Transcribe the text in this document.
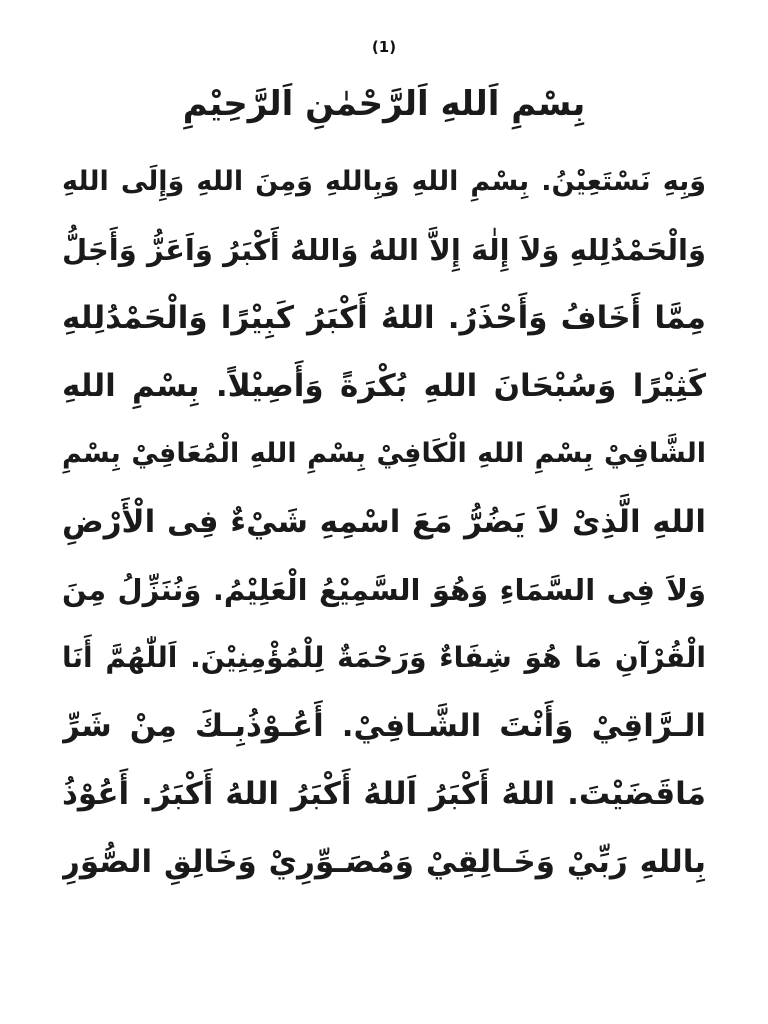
(1)
بِسْمِ اَللهِ اَلرَّحْمٰنِ اَلرَّحِيْمِ
وَبِهِ نَسْتَعِيْنُ. بِسْمِ اللهِ وَبِاللهِ وَمِنَ اللهِ وَإِلَى اللهِ
وَالْحَمْدُلِلهِ وَلاَ إِلٰهَ إِلاَّ اللهُ وَاللهُ أَكْبَرُ وَاَعَزُّ وَأَجَلُّ
مِمَّا أَخَافُ وَأَحْذَرُ. اللهُ أَكْبَرُ كَبِيْرًا وَالْحَمْدُلِلهِ
كَثِيْرًا وَسُبْحَانَ اللهِ بُكْرَةً وَأَصِيْلاً. بِسْمِ اللهِ
الشَّافِيْ بِسْمِ اللهِ الْكَافِيْ بِسْمِ اللهِ الْمُعَافِيْ بِسْمِ
اللهِ الَّذِىْ لاَ يَضُرُّ مَعَ اسْمِهِ شَيْءٌ فِى الْأَرْضِ
وَلاَ فِى السَّمَاءِ وَهُوَ السَّمِيْعُ الْعَلِيْمُ. وَنُنَزِّلُ مِنَ
الْقُرْآنِ مَا هُوَ شِفَاءٌ وَرَحْمَةٌ لِلْمُؤْمِنِيْنَ. اَللّٰهُمَّ أَنَا
الـرَّاقِيْ وَأَنْتَ الشَّـافِيْ. أَعُـوْذُبِـكَ مِنْ شَرِّ
مَاقَضَيْتَ. اللهُ أَكْبَرُ اَللهُ أَكْبَرُ اللهُ أَكْبَرُ. أَعُوْذُ
بِاللهِ رَبِّيْ وَخَـالِقِيْ وَمُصَـوِّرِيْ وَخَالِقِ الصُّوَرِ
